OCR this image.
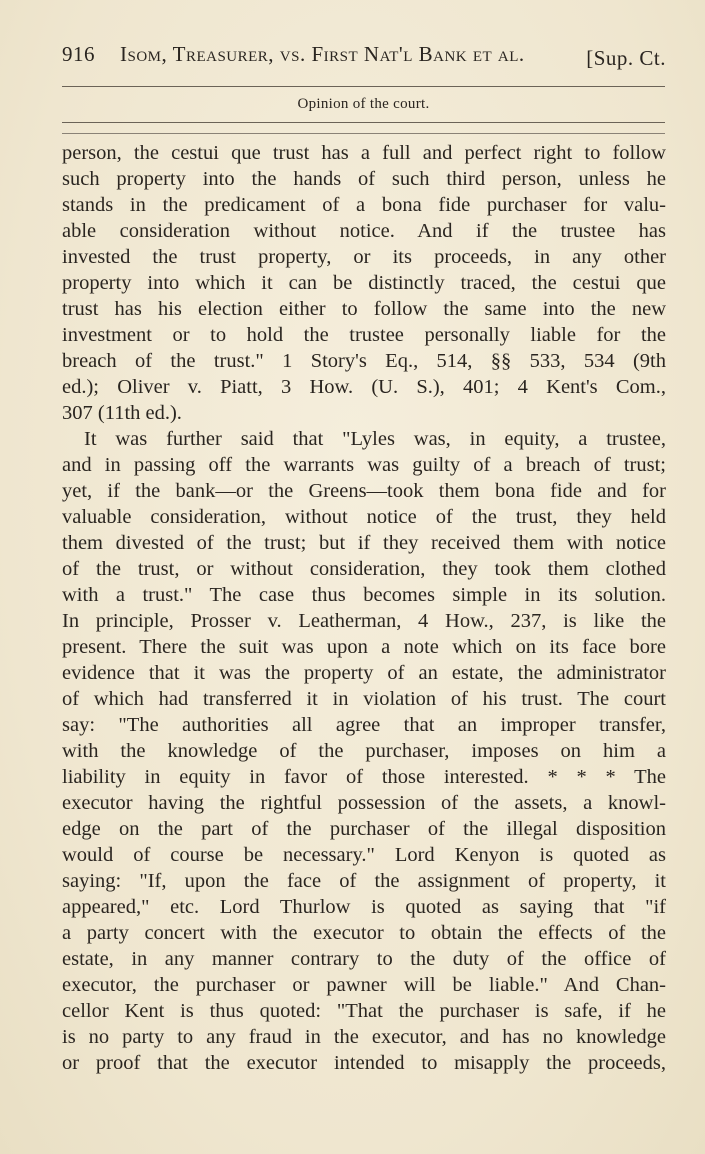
916 Isom, Treasurer, vs. First Nat'l Bank et al.	[Sup. Ct.
Opinion of the court.
person, the cestui que trust has a full and perfect right to follow
such property into the hands of such third person, unless he
stands in the predicament of a bona fide purchaser for valu-
able consideration without notice. And if the trustee has
invested the trust property, or its proceeds, in any other
property into which it can be distinctly traced, the cestui que
trust has his election either to follow the same into the new
investment or to hold the trustee personally liable for the
breach of the trust." 1 Story's Eq., 514, §§ 533, 534 (9th
ed.); Oliver v. Piatt, 3 How. (U. S.), 401; 4 Kent's Com.,
307 (11th ed.).
It was further said that "Lyles was, in equity, a trustee,
and in passing off the warrants was guilty of a breach of trust;
yet, if the bank—or the Greens—took them bona fide and for
valuable consideration, without notice of the trust, they held
them divested of the trust; but if they received them with notice
of the trust, or without consideration, they took them clothed
with a trust." The case thus becomes simple in its solution.
In principle, Prosser v. Leatherman, 4 How., 237, is like the
present. There the suit was upon a note which on its face bore
evidence that it was the property of an estate, the administrator
of which had transferred it in violation of his trust. The court
say: "The authorities all agree that an improper transfer,
with the knowledge of the purchaser, imposes on him a
liability in equity in favor of those interested. * * * The
executor having the rightful possession of the assets, a knowl-
edge on the part of the purchaser of the illegal disposition
would of course be necessary." Lord Kenyon is quoted as
saying: "If, upon the face of the assignment of property, it
appeared," etc. Lord Thurlow is quoted as saying that "if
a party concert with the executor to obtain the effects of the
estate, in any manner contrary to the duty of the office of
executor, the purchaser or pawner will be liable." And Chan-
cellor Kent is thus quoted: "That the purchaser is safe, if he
is no party to any fraud in the executor, and has no knowledge
or proof that the executor intended to misapply the proceeds,
